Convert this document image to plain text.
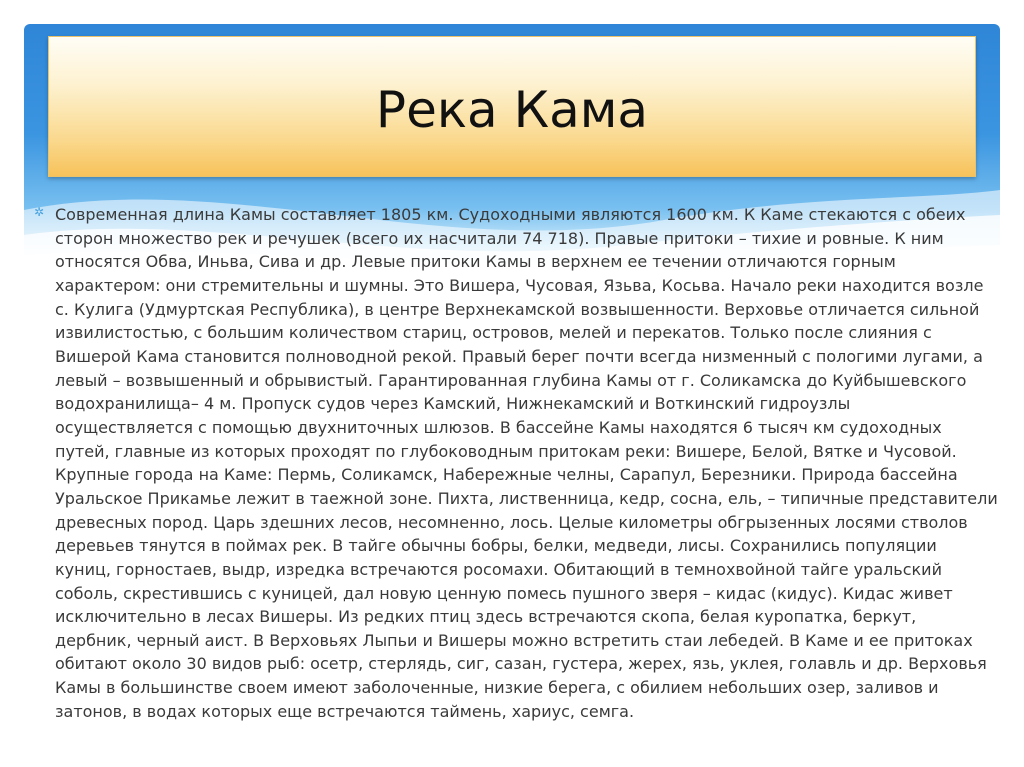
Река Кама
✲ Современная длина Камы составляет 1805 км. Судоходными являются 1600 км. К Каме стекаются с обеих
сторон множество рек и речушек (всего их насчитали 74 718). Правые притоки – тихие и ровные. К ним
относятся Обва, Иньва, Сива и др. Левые притоки Камы в верхнем ее течении отличаются горным
характером: они стремительны и шумны. Это Вишера, Чусовая, Язьва, Косьва. Начало реки находится возле
с. Кулига (Удмуртская Республика), в центре Верхнекамской возвышенности. Верховье отличается сильной
извилистостью, с большим количеством стариц, островов, мелей и перекатов. Только после слияния с
Вишерой Кама становится полноводной рекой. Правый берег почти всегда низменный с пологими лугами, а
левый – возвышенный и обрывистый. Гарантированная глубина Камы от г. Соликамска до Куйбышевского
водохранилища– 4 м. Пропуск судов через Камский, Нижнекамский и Воткинский гидроузлы
осуществляется с помощью двухниточных шлюзов. В бассейне Камы находятся 6 тысяч км судоходных
путей, главные из которых проходят по глубоководным притокам реки: Вишере, Белой, Вятке и Чусовой.
Крупные города на Каме: Пермь, Соликамск, Набережные челны, Сарапул, Березники. Природа бассейна
Уральское Прикамье лежит в таежной зоне. Пихта, лиственница, кедр, сосна, ель, – типичные представители
древесных пород. Царь здешних лесов, несомненно, лось. Целые километры обгрызенных лосями стволов
деревьев тянутся в поймах рек. В тайге обычны бобры, белки, медведи, лисы. Сохранились популяции
куниц, горностаев, выдр, изредка встречаются росомахи. Обитающий в темнохвойной тайге уральский
соболь, скрестившись с куницей, дал новую ценную помесь пушного зверя – кидас (кидус). Кидас живет
исключительно в лесах Вишеры. Из редких птиц здесь встречаются скопа, белая куропатка, беркут,
дербник, черный аист. В Верховьях Лыпьи и Вишеры можно встретить стаи лебедей. В Каме и ее притоках
обитают около 30 видов рыб: осетр, стерлядь, сиг, сазан, густера, жерех, язь, уклея, голавль и др. Верховья
Камы в большинстве своем имеют заболоченные, низкие берега, с обилием небольших озер, заливов и
затонов, в водах которых еще встречаются таймень, хариус, семга.
